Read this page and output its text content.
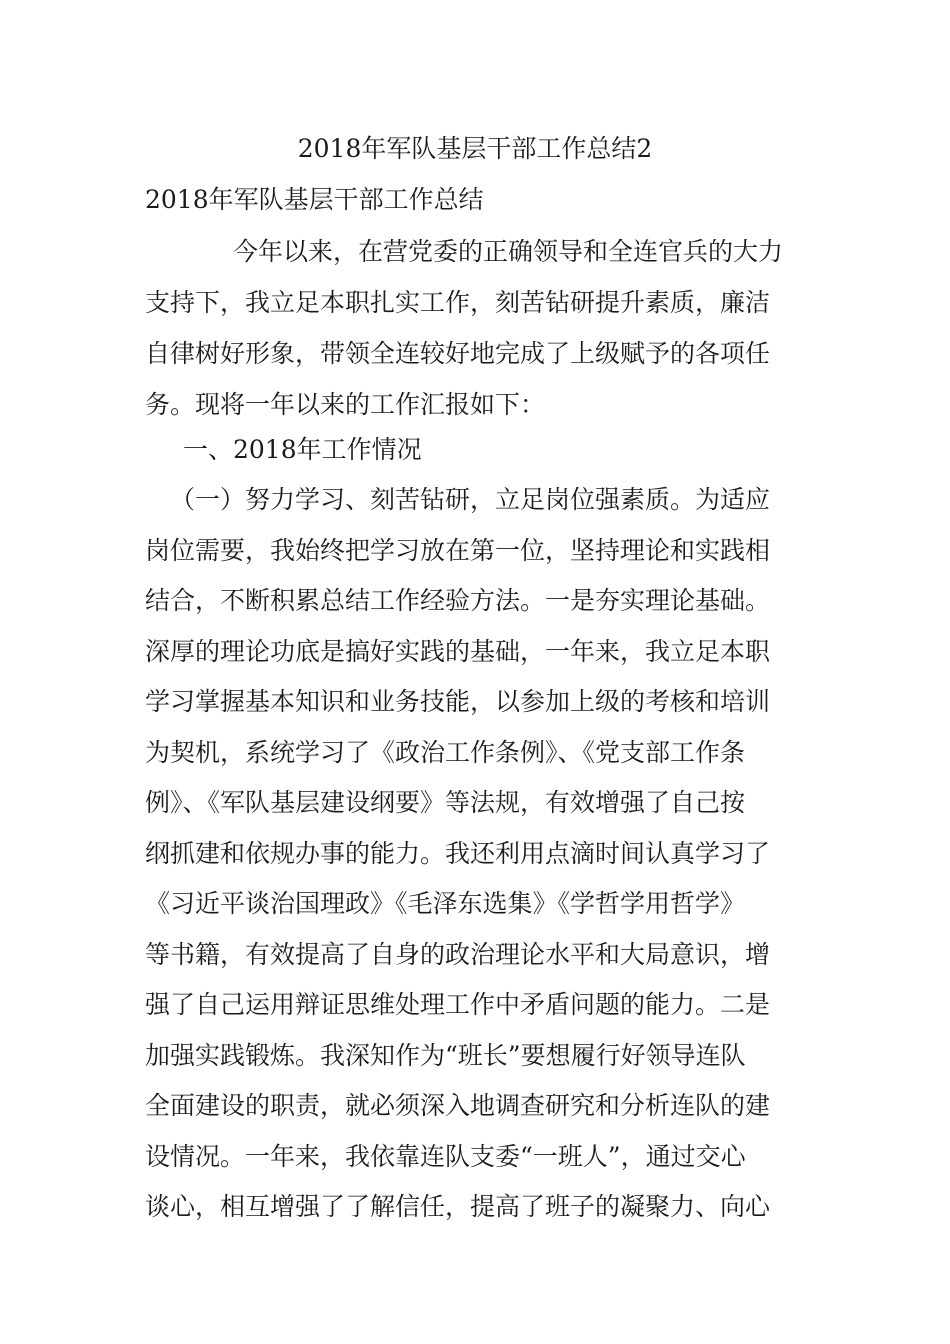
2018年军队基层干部工作总结2
2018年军队基层干部工作总结

今年以来，在营党委的正确领导和全连官兵的大力

支持下，我立足本职扎实工作，刻苦钻研提升素质，廉洁

自律树好形象，带领全连较好地完成了上级赋予的各项任

务。现将一年以来的工作汇报如下：

一、2018年工作情况

（一）努力学习、刻苦钻研，立足岗位强素质。为适应

岗位需要，我始终把学习放在第一位，坚持理论和实践相

结合，不断积累总结工作经验方法。一是夯实理论基础。

深厚的理论功底是搞好实践的基础，一年来，我立足本职

学习掌握基本知识和业务技能，以参加上级的考核和培训

为契机，系统学习了《政治工作条例》、《党支部工作条

例》、《军队基层建设纲要》等法规，有效增强了自己按

纲抓建和依规办事的能力。我还利用点滴时间认真学习了

《习近平谈治国理政》《毛泽东选集》《学哲学用哲学》

等书籍，有效提高了自身的政治理论水平和大局意识，增

强了自己运用辩证思维处理工作中矛盾问题的能力。二是

加强实践锻炼。我深知作为“班长”要想履行好领导连队

全面建设的职责，就必须深入地调查研究和分析连队的建

设情况。一年来，我依靠连队支委“一班人”，通过交心

谈心，相互增强了了解信任，提高了班子的凝聚力、向心
